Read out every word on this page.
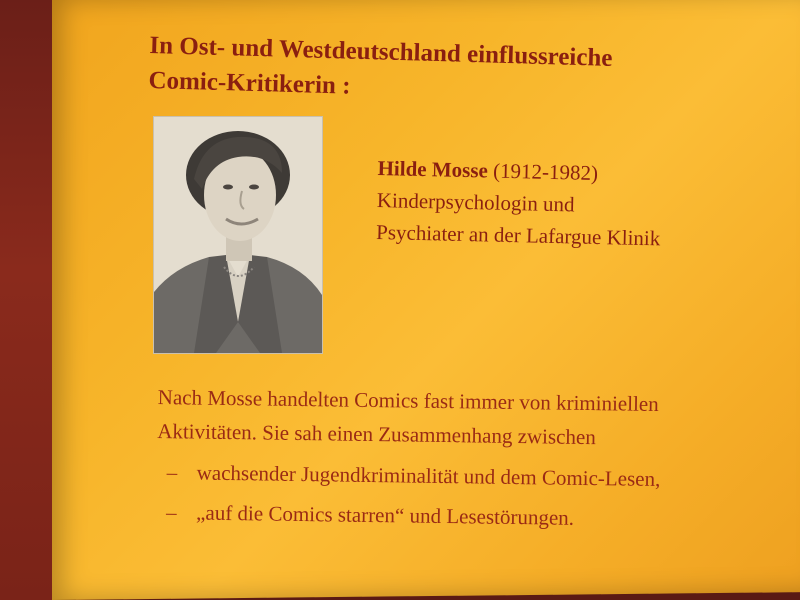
In Ost- und Westdeutschland einflussreiche
Comic-Kritikerin :
Hilde Mosse (1912-1982)
Kinderpsychologin und
Psychiater an der Lafargue Klinik
Nach Mosse handelten Comics fast immer von kriminiellen
Aktivitäten. Sie sah einen Zusammenhang zwischen
– wachsender Jugendkriminalität und dem Comic-Lesen,
– „auf die Comics starren“ und Lesestörungen.
